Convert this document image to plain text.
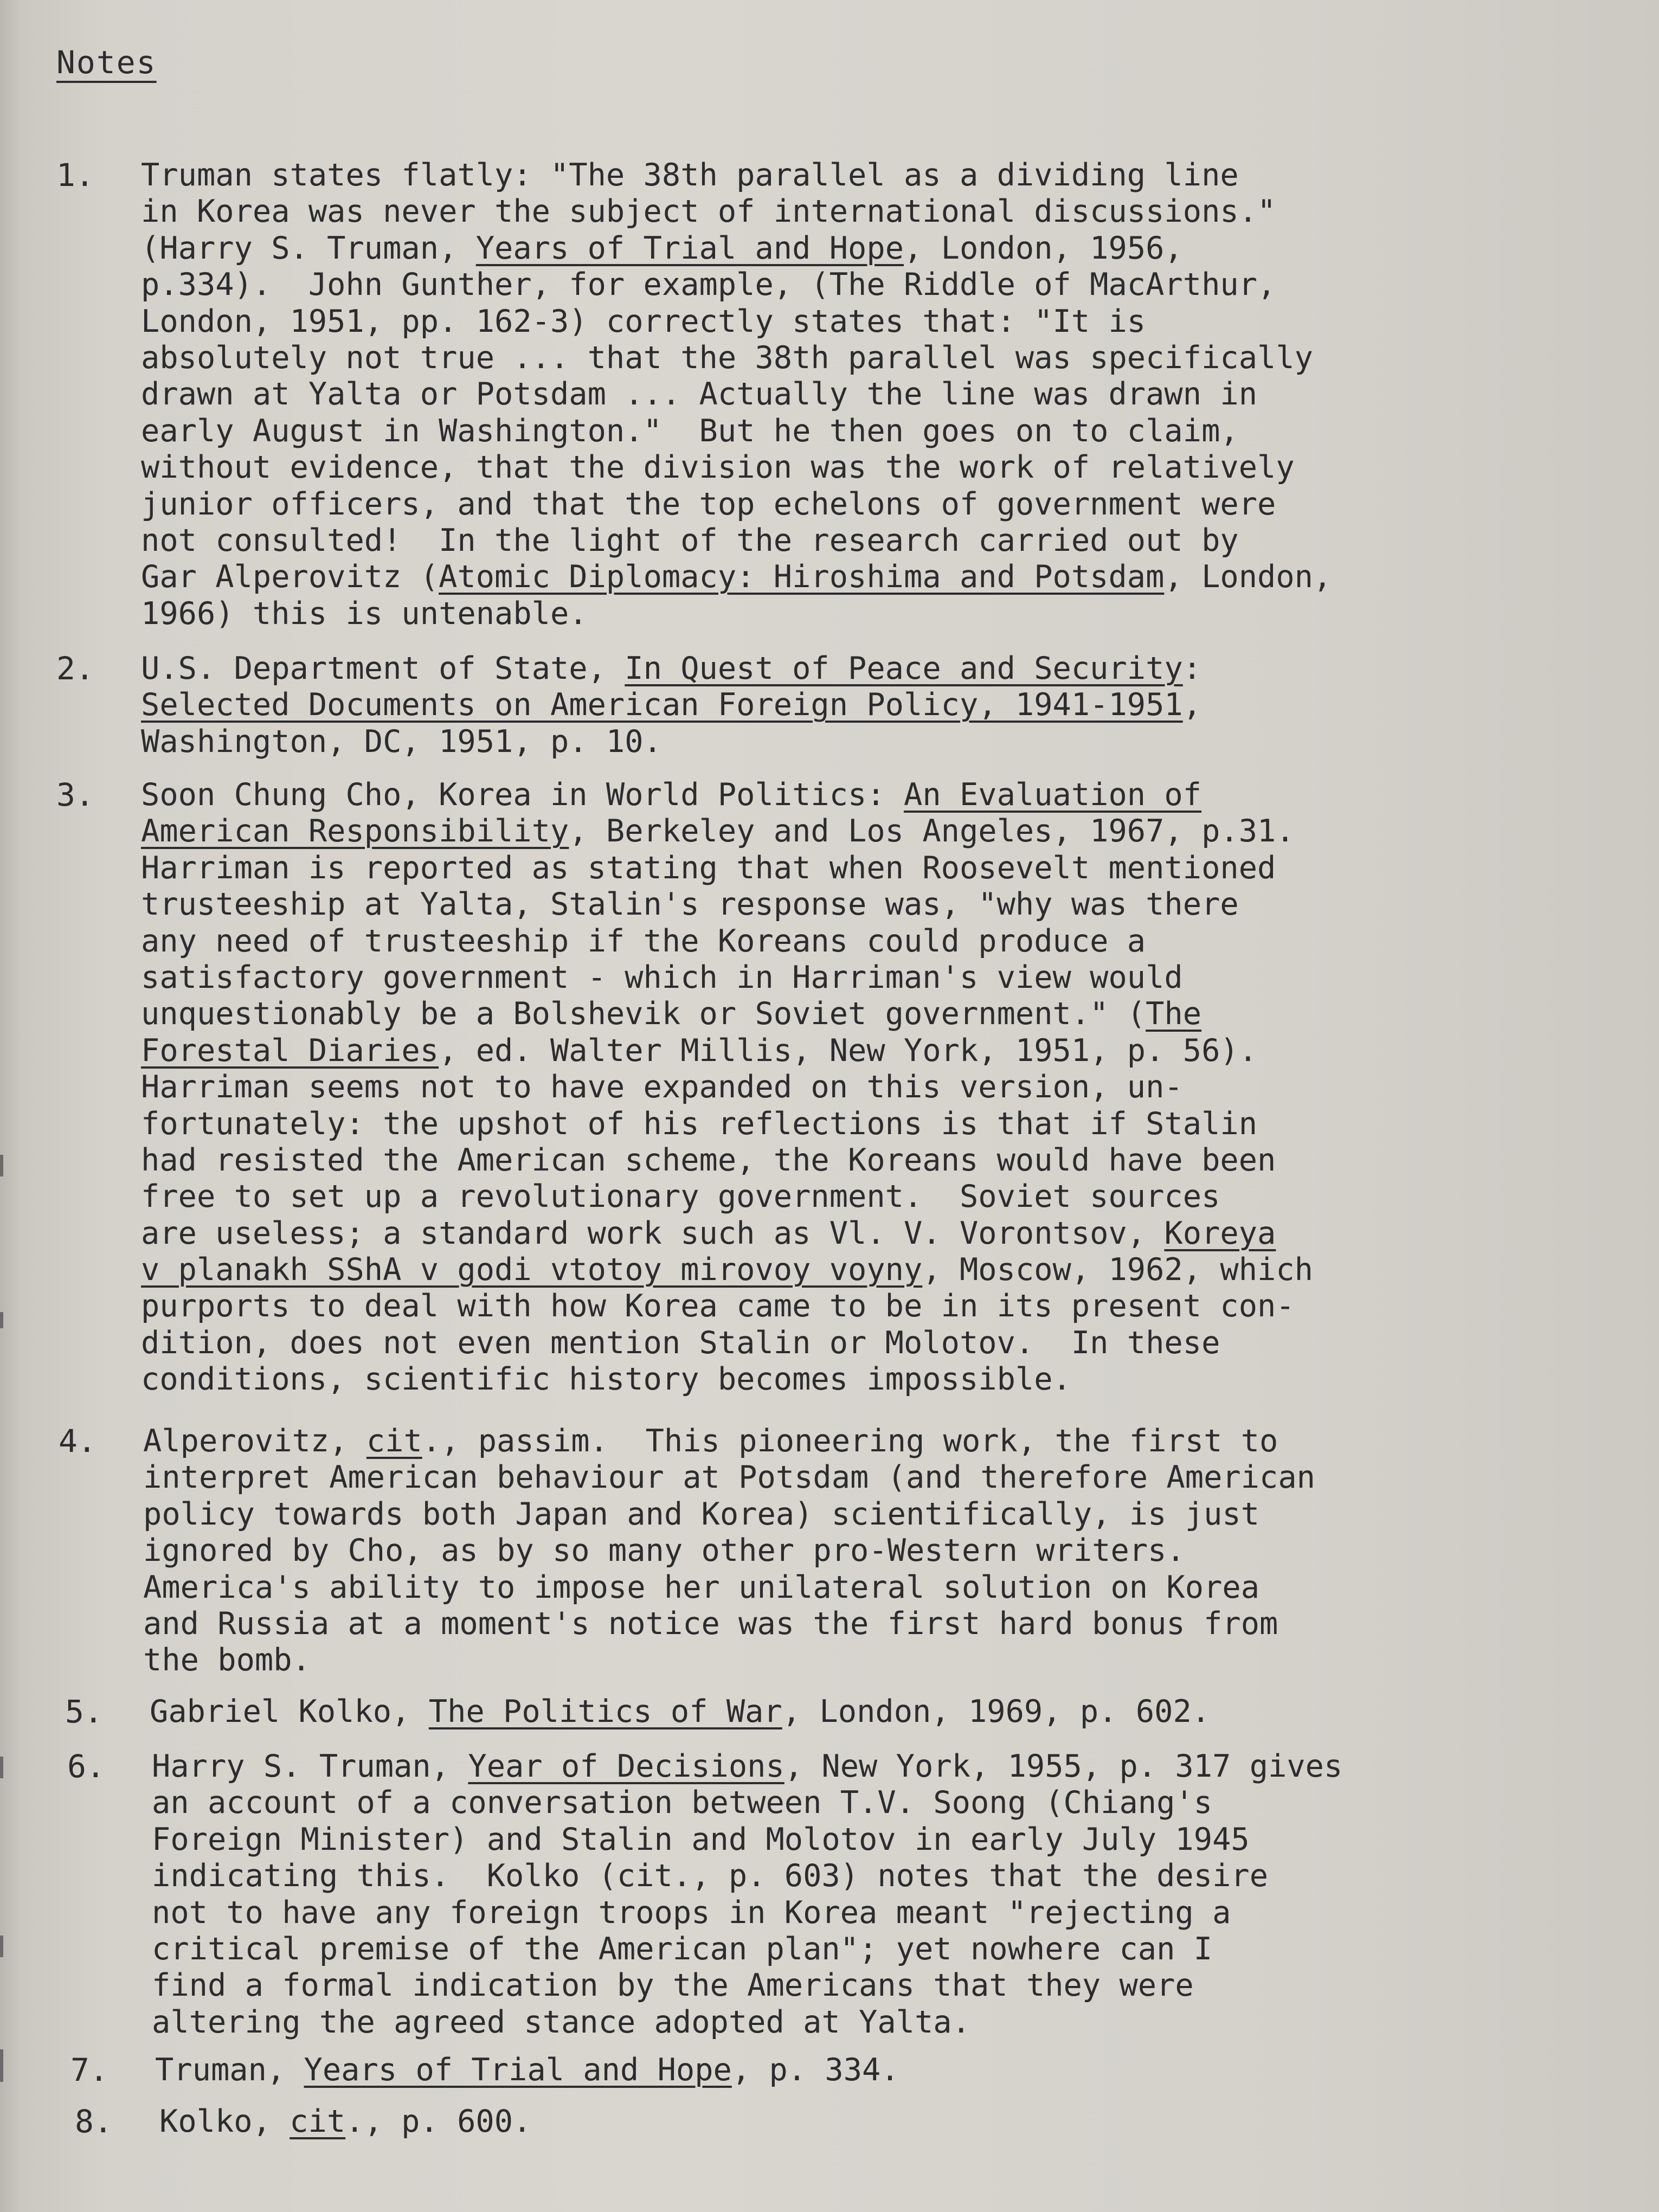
Notes
1. Truman states flatly: "The 38th parallel as a dividing line
in Korea was never the subject of international discussions."
(Harry S. Truman, Years of Trial and Hope, London, 1956,
p.334).  John Gunther, for example, (The Riddle of MacArthur,
London, 1951, pp. 162-3) correctly states that: "It is
absolutely not true ... that the 38th parallel was specifically
drawn at Yalta or Potsdam ... Actually the line was drawn in
early August in Washington."  But he then goes on to claim,
without evidence, that the division was the work of relatively
junior officers, and that the top echelons of government were
not consulted!  In the light of the research carried out by
Gar Alperovitz (Atomic Diplomacy: Hiroshima and Potsdam, London,
1966) this is untenable.
2. U.S. Department of State, In Quest of Peace and Security:
Selected Documents on American Foreign Policy, 1941-1951,
Washington, DC, 1951, p. 10.
3. Soon Chung Cho, Korea in World Politics: An Evaluation of
American Responsibility, Berkeley and Los Angeles, 1967, p.31.
Harriman is reported as stating that when Roosevelt mentioned
trusteeship at Yalta, Stalin's response was, "why was there
any need of trusteeship if the Koreans could produce a
satisfactory government - which in Harriman's view would
unquestionably be a Bolshevik or Soviet government." (The
Forestal Diaries, ed. Walter Millis, New York, 1951, p. 56).
Harriman seems not to have expanded on this version, un-
fortunately: the upshot of his reflections is that if Stalin
had resisted the American scheme, the Koreans would have been
free to set up a revolutionary government.  Soviet sources
are useless; a standard work such as Vl. V. Vorontsov, Koreya
v planakh SShA v godi vtotoy mirovoy voyny, Moscow, 1962, which
purports to deal with how Korea came to be in its present con-
dition, does not even mention Stalin or Molotov.  In these
conditions, scientific history becomes impossible.
4. Alperovitz, cit., passim.  This pioneering work, the first to
interpret American behaviour at Potsdam (and therefore American
policy towards both Japan and Korea) scientifically, is just
ignored by Cho, as by so many other pro-Western writers.
America's ability to impose her unilateral solution on Korea
and Russia at a moment's notice was the first hard bonus from
the bomb.
5. Gabriel Kolko, The Politics of War, London, 1969, p. 602.
6. Harry S. Truman, Year of Decisions, New York, 1955, p. 317 gives
an account of a conversation between T.V. Soong (Chiang's
Foreign Minister) and Stalin and Molotov in early July 1945
indicating this.  Kolko (cit., p. 603) notes that the desire
not to have any foreign troops in Korea meant "rejecting a
critical premise of the American plan"; yet nowhere can I
find a formal indication by the Americans that they were
altering the agreed stance adopted at Yalta.
7. Truman, Years of Trial and Hope, p. 334.
8. Kolko, cit., p. 600.
